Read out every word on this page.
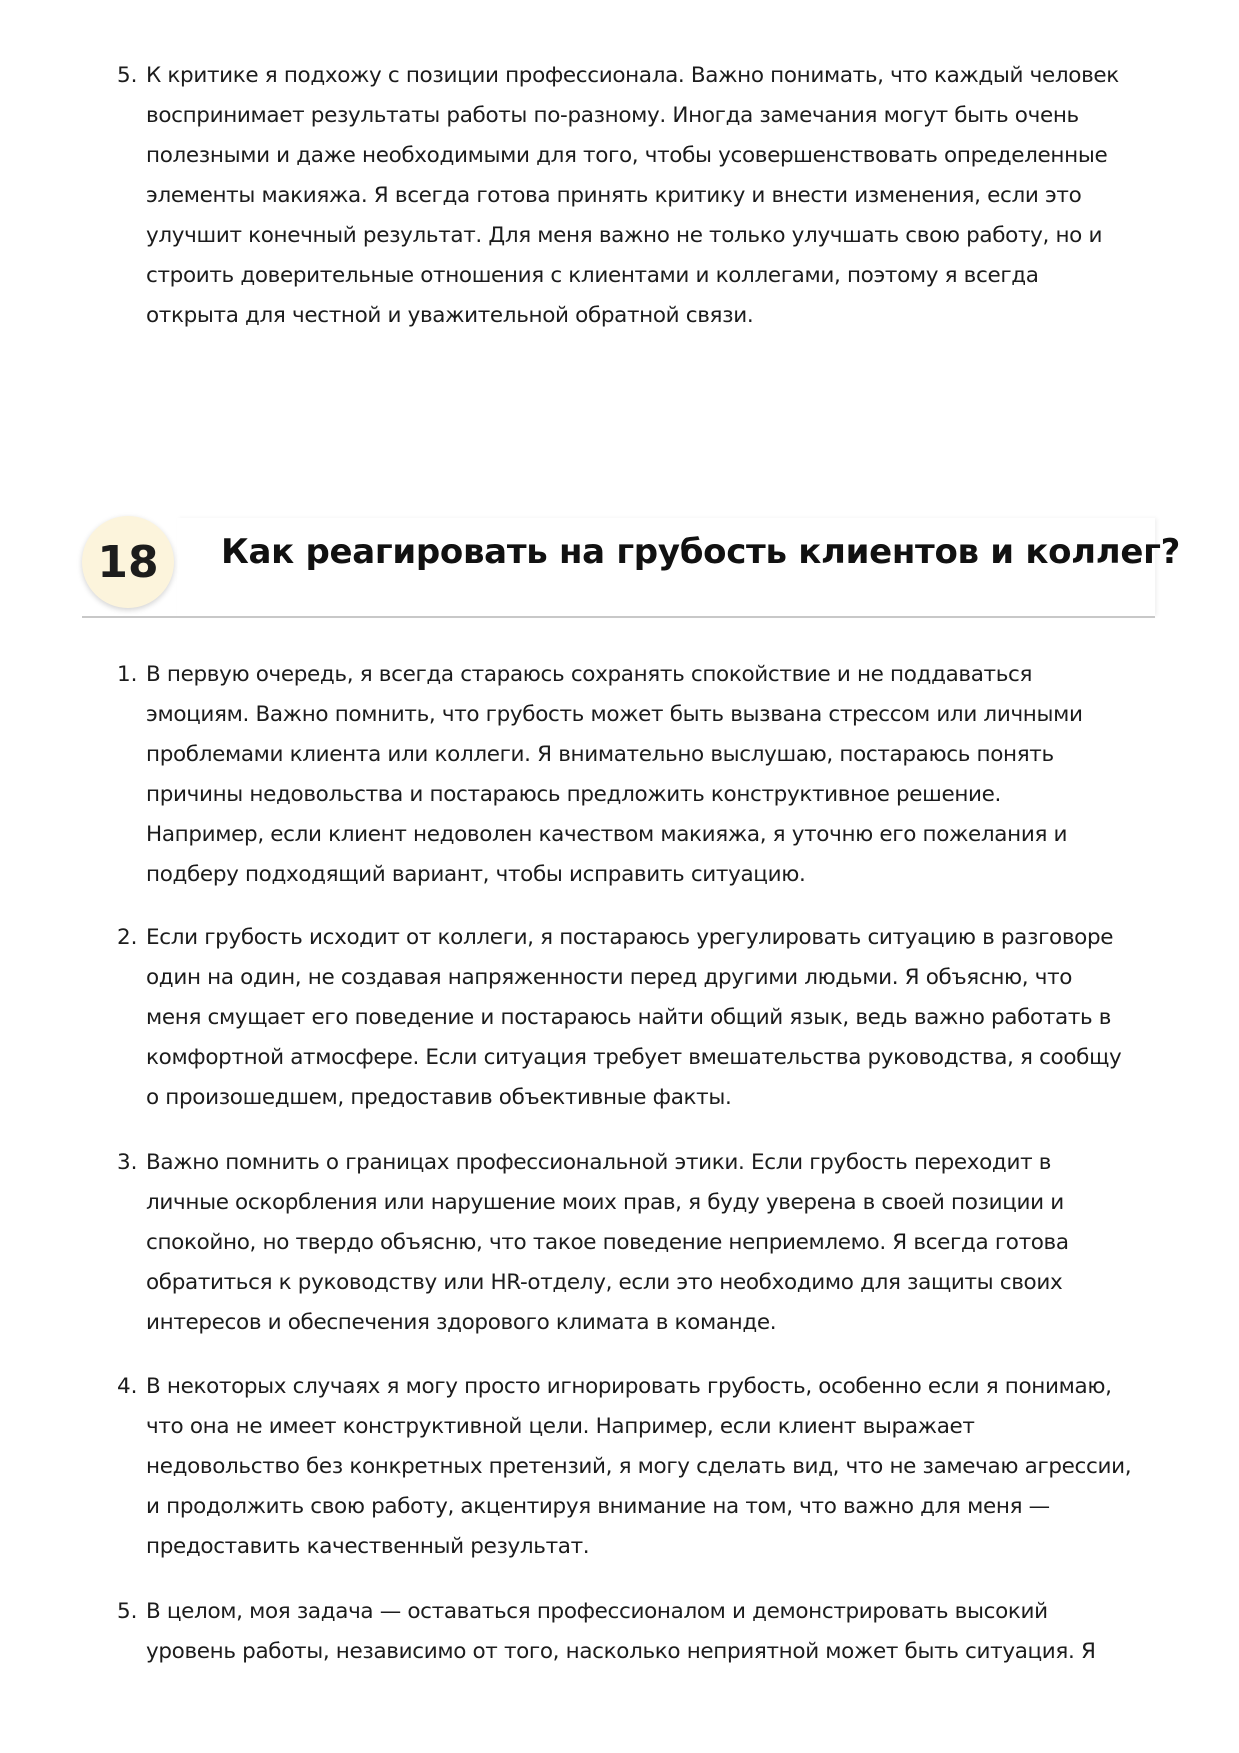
5. К критике я подхожу с позиции профессионала. Важно понимать, что каждый человек
воспринимает результаты работы по-разному. Иногда замечания могут быть очень
полезными и даже необходимыми для того, чтобы усовершенствовать определенные
элементы макияжа. Я всегда готова принять критику и внести изменения, если это
улучшит конечный результат. Для меня важно не только улучшать свою работу, но и
строить доверительные отношения с клиентами и коллегами, поэтому я всегда
открыта для честной и уважительной обратной связи.
18	Как реагировать на грубость клиентов и коллег?
1. В первую очередь, я всегда стараюсь сохранять спокойствие и не поддаваться
эмоциям. Важно помнить, что грубость может быть вызвана стрессом или личными
проблемами клиента или коллеги. Я внимательно выслушаю, постараюсь понять
причины недовольства и постараюсь предложить конструктивное решение.
Например, если клиент недоволен качеством макияжа, я уточню его пожелания и
подберу подходящий вариант, чтобы исправить ситуацию.
2. Если грубость исходит от коллеги, я постараюсь урегулировать ситуацию в разговоре
один на один, не создавая напряженности перед другими людьми. Я объясню, что
меня смущает его поведение и постараюсь найти общий язык, ведь важно работать в
комфортной атмосфере. Если ситуация требует вмешательства руководства, я сообщу
о произошедшем, предоставив объективные факты.
3. Важно помнить о границах профессиональной этики. Если грубость переходит в
личные оскорбления или нарушение моих прав, я буду уверена в своей позиции и
спокойно, но твердо объясню, что такое поведение неприемлемо. Я всегда готова
обратиться к руководству или HR-отделу, если это необходимо для защиты своих
интересов и обеспечения здорового климата в команде.
4. В некоторых случаях я могу просто игнорировать грубость, особенно если я понимаю,
что она не имеет конструктивной цели. Например, если клиент выражает
недовольство без конкретных претензий, я могу сделать вид, что не замечаю агрессии,
и продолжить свою работу, акцентируя внимание на том, что важно для меня —
предоставить качественный результат.
5. В целом, моя задача — оставаться профессионалом и демонстрировать высокий
уровень работы, независимо от того, насколько неприятной может быть ситуация. Я
